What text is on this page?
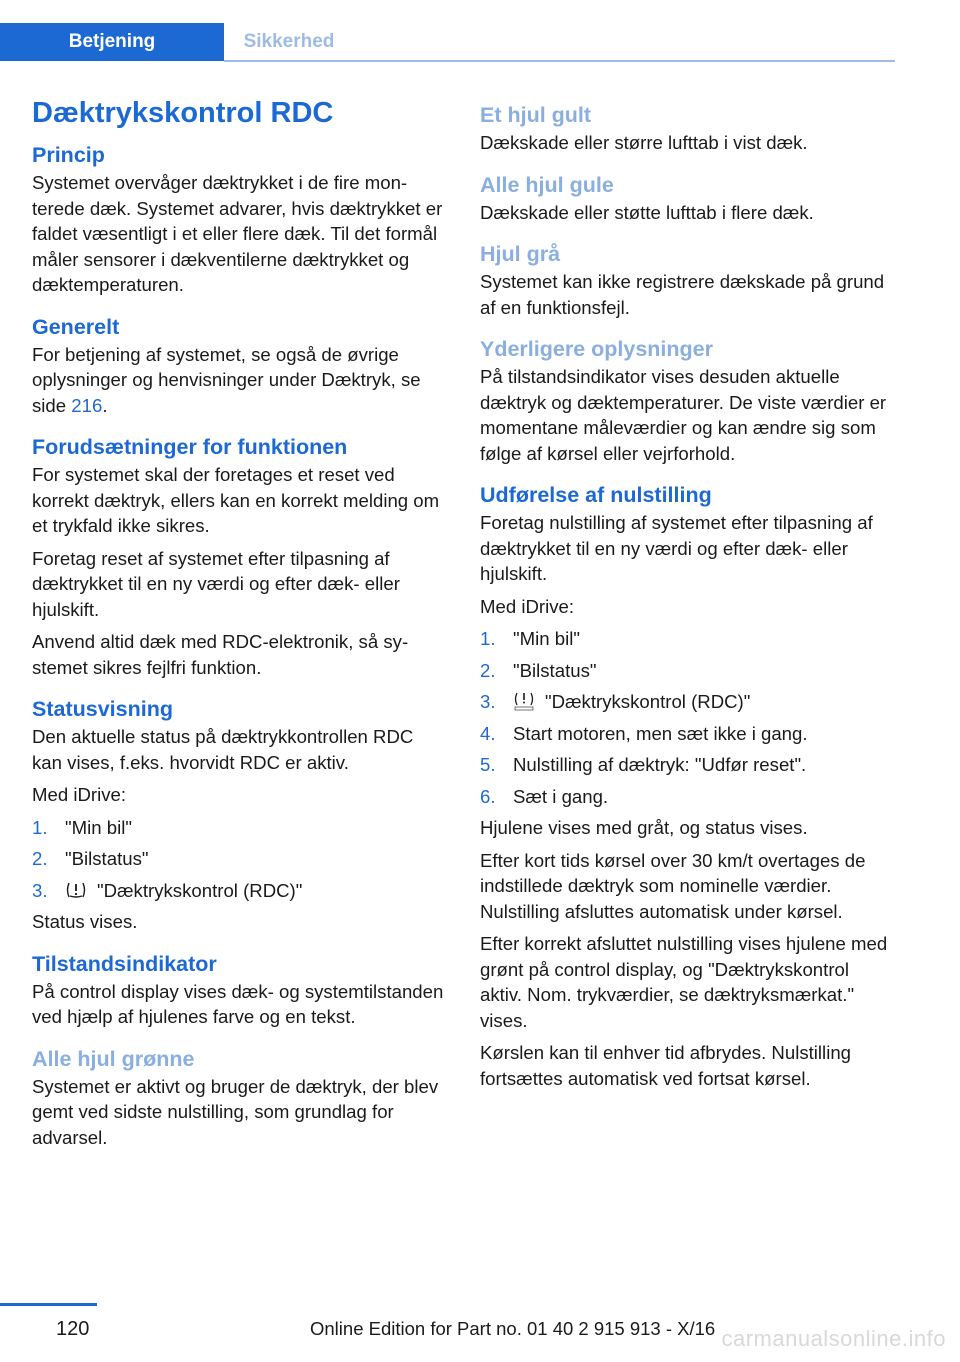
Betjening	Sikkerhed
Dæktrykskontrol RDC
Princip

Systemet overvåger dæktrykket i de fire monterede dæk. Systemet advarer, hvis dæktrykket er faldet væsentligt i et eller flere dæk. Til det formål måler sensorer i dækventilerne dæktrykket og dæktemperaturen.

Generelt

For betjening af systemet, se også de øvrige oplysninger og henvisninger under Dæktryk, se side 216.

Forudsætninger for funktionen

For systemet skal der foretages et reset ved korrekt dæktryk, ellers kan en korrekt melding om et trykfald ikke sikres.

Foretag reset af systemet efter tilpasning af dæktrykket til en ny værdi og efter dæk- eller hjulskift.

Anvend altid dæk med RDC-elektronik, så systemet sikres fejlfri funktion.

Statusvisning

Den aktuelle status på dæktrykkontrollen RDC kan vises, f.eks. hvorvidt RDC er aktiv.

Med iDrive:

1. "Min bil"
2. "Bilstatus"
3.	"Dæktrykskontrol (RDC)"

Status vises.

Tilstandsindikator

På control display vises dæk- og systemtilstanden ved hjælp af hjulenes farve og en tekst.

Alle hjul grønne

Systemet er aktivt og bruger de dæktryk, der blev gemt ved sidste nulstilling, som grundlag for advarsel.

Et hjul gult

Dækskade eller større lufttab i vist dæk.

Alle hjul gule

Dækskade eller støtte lufttab i flere dæk.

Hjul grå

Systemet kan ikke registrere dækskade på grund af en funktionsfejl.

Yderligere oplysninger

På tilstandsindikator vises desuden aktuelle dæktryk og dæktemperaturer. De viste værdier er momentane måleværdier og kan ændre sig som følge af kørsel eller vejrforhold.

Udførelse af nulstilling

Foretag nulstilling af systemet efter tilpasning af dæktrykket til en ny værdi og efter dæk- eller hjulskift.

Med iDrive:

1. "Min bil"
2. "Bilstatus"
3.	"Dæktrykskontrol (RDC)"
4. Start motoren, men sæt ikke i gang.
5. Nulstilling af dæktryk: "Udfør reset".
6. Sæt i gang.

Hjulene vises med gråt, og status vises.

Efter kort tids kørsel over 30 km/t overtages de indstillede dæktryk som nominelle værdier. Nulstilling afsluttes automatisk under kørsel.

Efter korrekt afsluttet nulstilling vises hjulene med grønt på control display, og "Dæktrykskontrol aktiv. Nom. trykværdier, se dæktryksmærkat." vises.

Kørslen kan til enhver tid afbrydes. Nulstilling fortsættes automatisk ved fortsat kørsel.

120	Online Edition for Part no. 01 40 2 915 913 - X/16 carmanualsonline.info
